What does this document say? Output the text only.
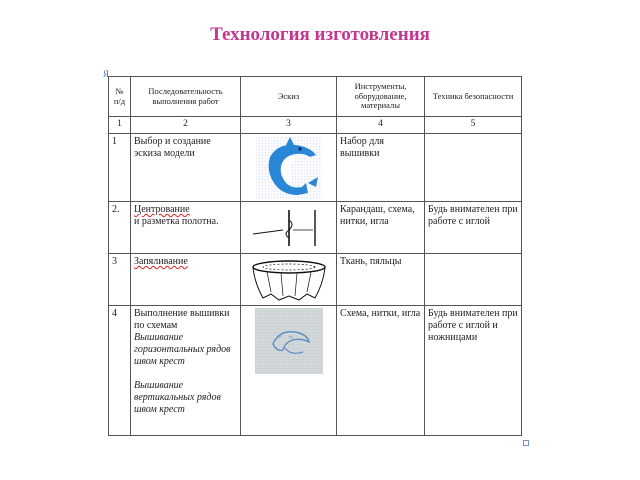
Технология изготовления
Я
№ п/д	Последовательность выполнения работ	Эскиз	Инструменты, оборудование, материалы	Техника безопасности
1	2	3	4	5
1	Выбор и создание эскиза модели		Набор для вышивки	
2.	Центрование
и разметка полотна.		Карандаш, схема, нитки, игла	Будь внимателен при работе с иглой
3	Запяливание		Ткань, пяльцы	
4	Выполнение вышивки по схемам
Вышивание горизонтальных рядов швом крест
Вышивание вертикальных рядов швом крест		Схема, нитки, игла	Будь внимателен при работе с иглой и ножницами
